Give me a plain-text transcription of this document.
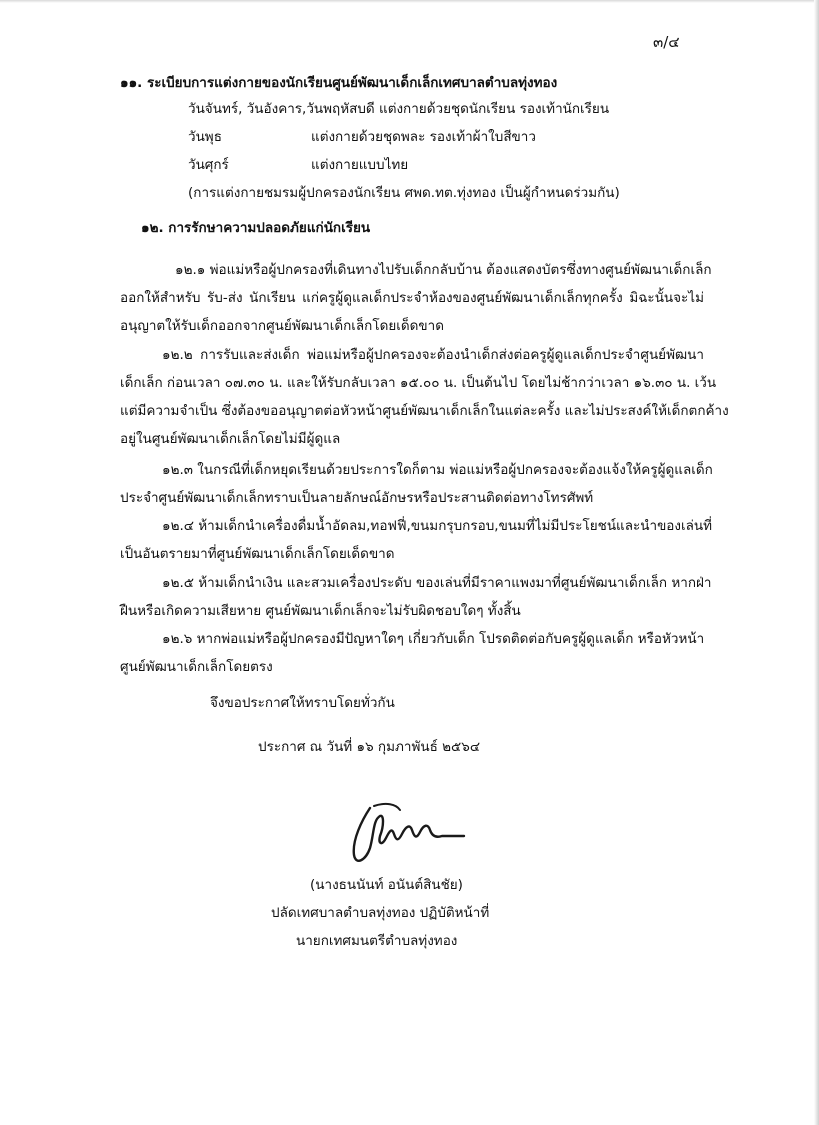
๓/๔
๑๑. ระเบียบการแต่งกายของนักเรียนศูนย์พัฒนาเด็กเล็กเทศบาลตำบลทุ่งทอง
วันจันทร์, วันอังคาร,วันพฤหัสบดี แต่งกายด้วยชุดนักเรียน รองเท้านักเรียน
วันพุธ	แต่งกายด้วยชุดพละ รองเท้าผ้าใบสีขาว
วันศุกร์	แต่งกายแบบไทย
(การแต่งกายชมรมผู้ปกครองนักเรียน ศพด.ทต.ทุ่งทอง เป็นผู้กำหนดร่วมกัน)
๑๒. การรักษาความปลอดภัยแก่นักเรียน
๑๒.๑ พ่อแม่หรือผู้ปกครองที่เดินทางไปรับเด็กกลับบ้าน ต้องแสดงบัตรซึ่งทางศูนย์พัฒนาเด็กเล็ก
ออกให้สำหรับ รับ-ส่ง นักเรียน แก่ครูผู้ดูแลเด็กประจำห้องของศูนย์พัฒนาเด็กเล็กทุกครั้ง มิฉะนั้นจะไม่
อนุญาตให้รับเด็กออกจากศูนย์พัฒนาเด็กเล็กโดยเด็ดขาด
๑๒.๒ การรับและส่งเด็ก พ่อแม่หรือผู้ปกครองจะต้องนำเด็กส่งต่อครูผู้ดูแลเด็กประจำศูนย์พัฒนา
เด็กเล็ก ก่อนเวลา ๐๗.๓๐ น. และให้รับกลับเวลา ๑๕.๐๐ น. เป็นต้นไป โดยไม่ช้ากว่าเวลา ๑๖.๓๐ น. เว้น
แต่มีความจำเป็น ซึ่งต้องขออนุญาตต่อหัวหน้าศูนย์พัฒนาเด็กเล็กในแต่ละครั้ง และไม่ประสงค์ให้เด็กตกค้าง
อยู่ในศูนย์พัฒนาเด็กเล็กโดยไม่มีผู้ดูแล
๑๒.๓ ในกรณีที่เด็กหยุดเรียนด้วยประการใดก็ตาม พ่อแม่หรือผู้ปกครองจะต้องแจ้งให้ครูผู้ดูแลเด็ก
ประจำศูนย์พัฒนาเด็กเล็กทราบเป็นลายลักษณ์อักษรหรือประสานติดต่อทางโทรศัพท์
๑๒.๔ ห้ามเด็กนำเครื่องดื่มน้ำอัดลม,ทอฟฟี่,ขนมกรุบกรอบ,ขนมที่ไม่มีประโยชน์และนำของเล่นที่
เป็นอันตรายมาที่ศูนย์พัฒนาเด็กเล็กโดยเด็ดขาด
๑๒.๕ ห้ามเด็กนำเงิน และสวมเครื่องประดับ ของเล่นที่มีราคาแพงมาที่ศูนย์พัฒนาเด็กเล็ก หากฝ่า
ฝืนหรือเกิดความเสียหาย ศูนย์พัฒนาเด็กเล็กจะไม่รับผิดชอบใดๆ ทั้งสิ้น
๑๒.๖ หากพ่อแม่หรือผู้ปกครองมีปัญหาใดๆ เกี่ยวกับเด็ก โปรดติดต่อกับครูผู้ดูแลเด็ก หรือหัวหน้า
ศูนย์พัฒนาเด็กเล็กโดยตรง
จึงขอประกาศให้ทราบโดยทั่วกัน
ประกาศ ณ วันที่ ๑๖ กุมภาพันธ์ ๒๕๖๔
(นางธนนันท์ อนันต์สินชัย)
ปลัดเทศบาลตำบลทุ่งทอง ปฏิบัติหน้าที่
นายกเทศมนตรีตำบลทุ่งทอง
